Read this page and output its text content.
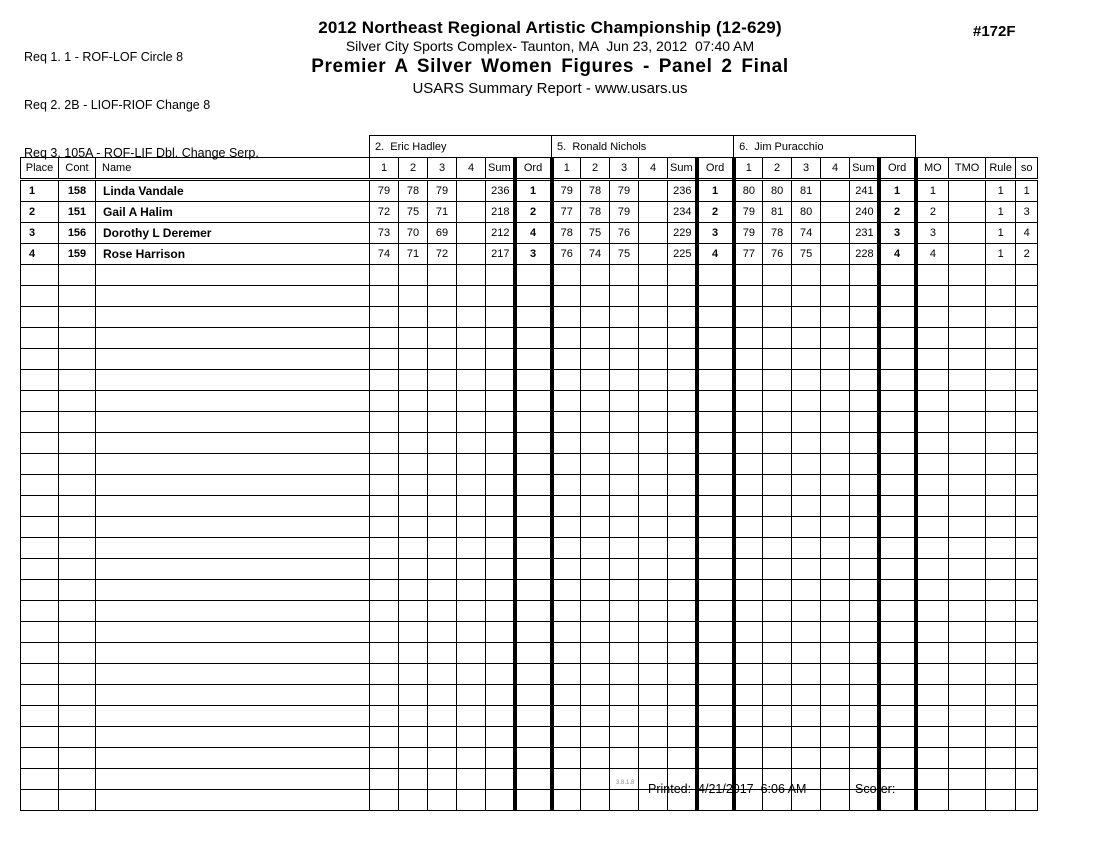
Req 1. 1 - ROF-LOF Circle 8

Req 2. 2B - LIOF-RIOF Change 8

Req 3. 105A - ROF-LIF Dbl. Change Serp.

2012 Northeast Regional Artistic Championship (12-629)
Silver City Sports Complex- Taunton, MA  Jun 23, 2012  07:40 AM
Premier A Silver Women Figures - Panel 2 Final
USARS Summary Report - www.usars.us
#172F
			2.  Eric Hadley						5.  Ronald Nichols						6.  Jim Puracchio									
Place	Cont	Name	1	2	3	4	Sum	Ord	1	2	3	4	Sum	Ord	1	2	3	4	Sum	Ord	MO	TMO	Rule	so
1	158	Linda Vandale	79	78	79		236	1	79	78	79		236	1	80	80	81		241	1	1		1	1
2	151	Gail A Halim	72	75	71		218	2	77	78	79		234	2	79	81	80		240	2	2		1	3
3	156	Dorothy L Deremer	73	70	69		212	4	78	75	76		229	3	79	78	74		231	3	3		1	4
4	159	Rose Harrison	74	71	72		217	3	76	74	75		225	4	77	76	75		228	4	4		1	2

3.8.1.8 Printed:  4/21/2017  6:06 AM	Scorer:
